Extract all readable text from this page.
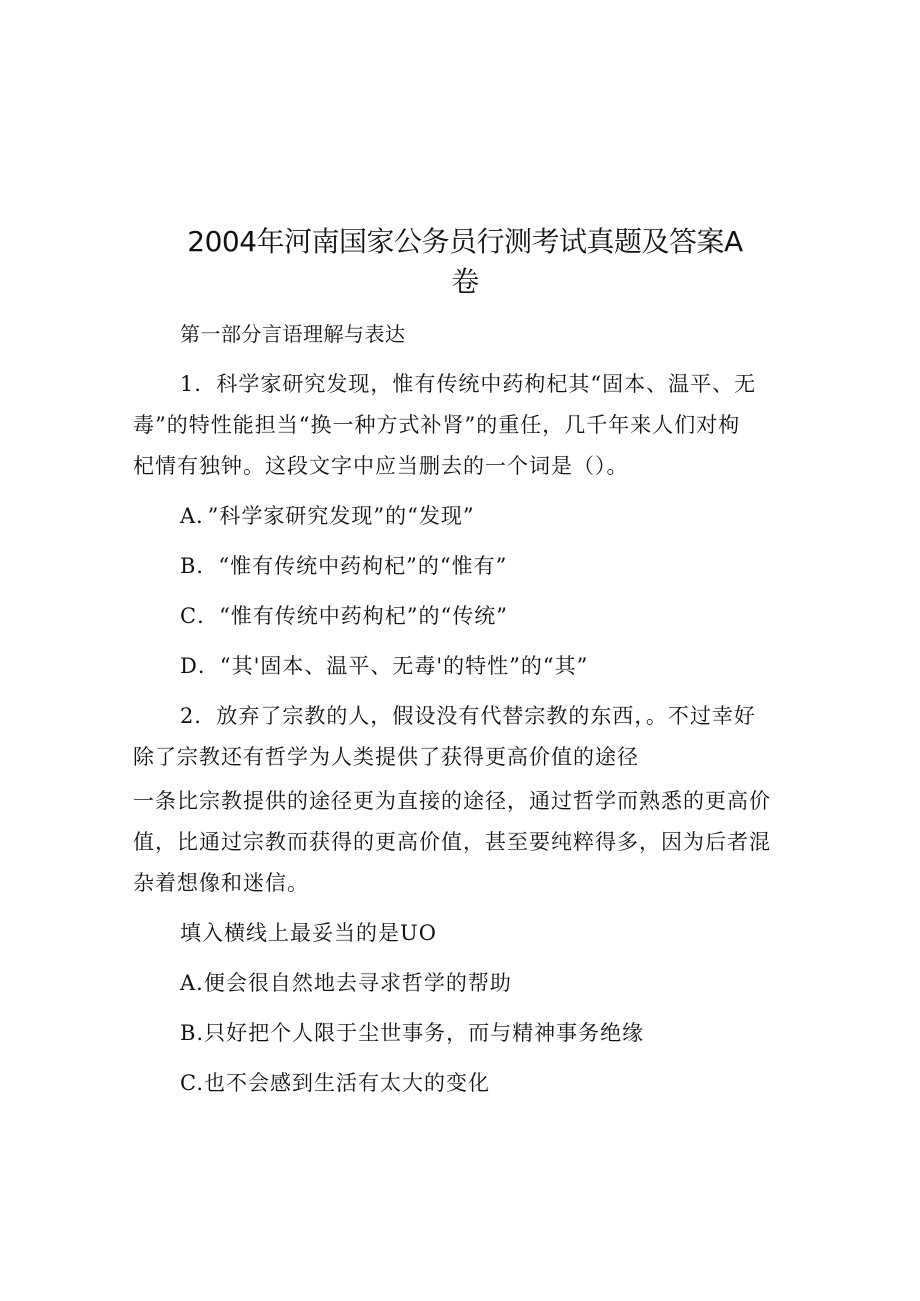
2004年河南国家公务员行测考试真题及答案A
卷

第一部分言语理解与表达

1．科学家研究发现，惟有传统中药枸杞其“固本、温平、无

毒”的特性能担当“换一种方式补肾”的重任，几千年来人们对枸

杞情有独钟。这段文字中应当删去的一个词是（）。

A．”科学家研究发现”的“发现”

B．“惟有传统中药枸杞”的“惟有”

C．“惟有传统中药枸杞”的“传统”

D．“其'固本、温平、无毒'的特性”的“其”

2．放弃了宗教的人，假设没有代替宗教的东西，。不过幸好

除了宗教还有哲学为人类提供了获得更高价值的途径

一条比宗教提供的途径更为直接的途径，通过哲学而熟悉的更高价

值，比通过宗教而获得的更高价值，甚至要纯粹得多，因为后者混

杂着想像和迷信。

填入横线上最妥当的是UO

A.便会很自然地去寻求哲学的帮助

B.只好把个人限于尘世事务，而与精神事务绝缘

C.也不会感到生活有太大的变化
